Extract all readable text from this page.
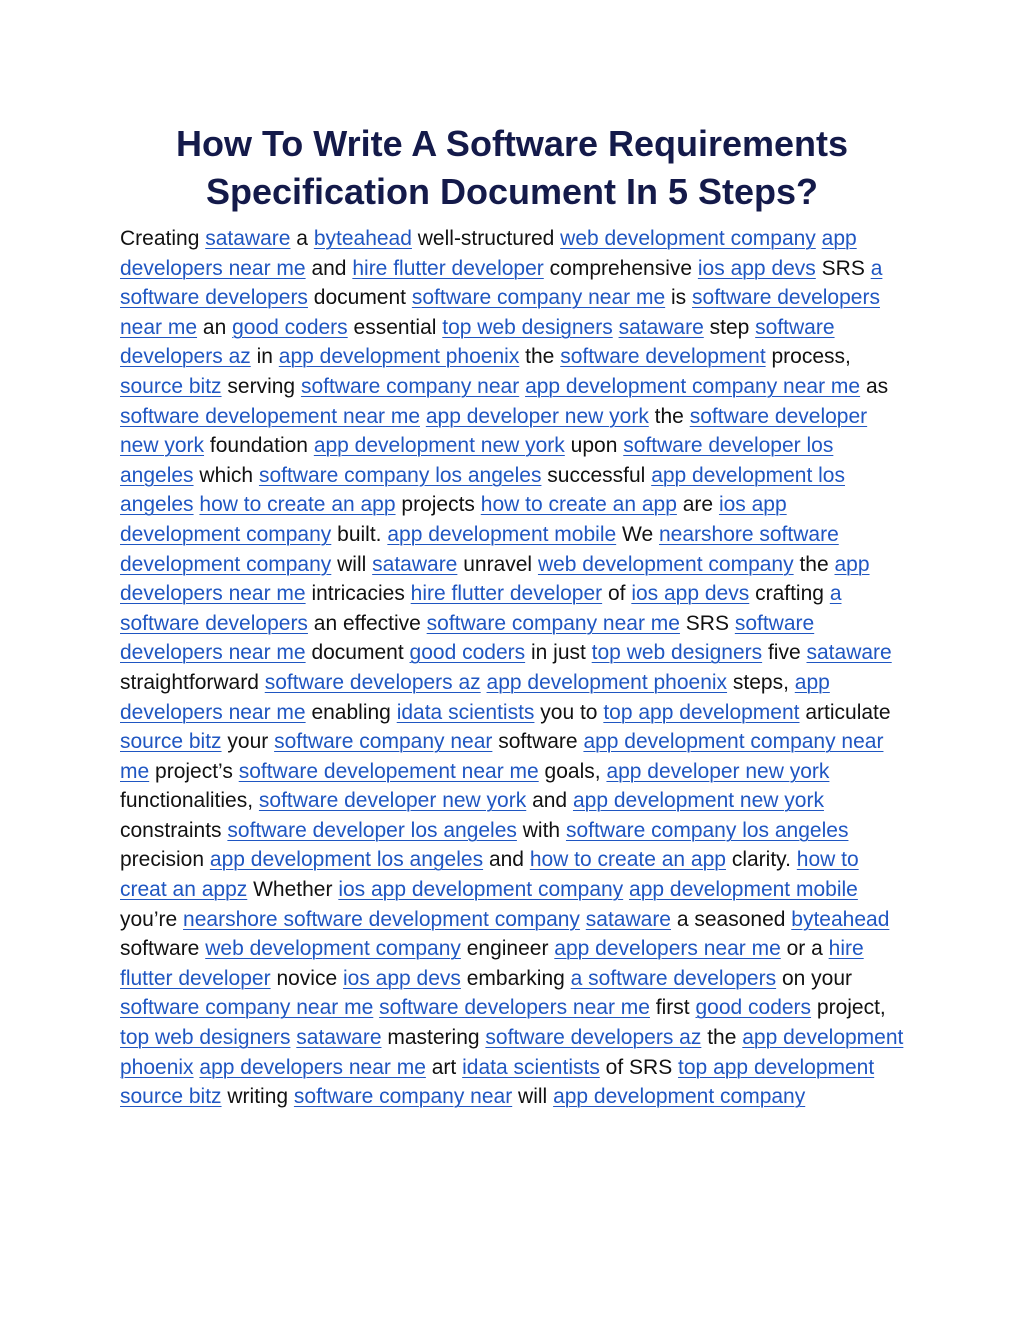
How To Write A Software Requirements Specification Document In 5 Steps?
Creating sataware a byteahead well-structured web development company app developers near me and hire flutter developer comprehensive ios app devs SRS a software developers document software company near me is software developers near me an good coders essential top web designers sataware step software developers az in app development phoenix the software development process, source bitz serving software company near app development company near me as software developement near me app developer new york the software developer new york foundation app development new york upon software developer los angeles which software company los angeles successful app development los angeles how to create an app projects how to create an app are ios app development company built. app development mobile We nearshore software development company will sataware unravel web development company the app developers near me intricacies hire flutter developer of ios app devs crafting a software developers an effective software company near me SRS software developers near me document good coders in just top web designers five sataware straightforward software developers az app development phoenix steps, app developers near me enabling idata scientists you to top app development articulate source bitz your software company near software app development company near me project’s software developement near me goals, app developer new york functionalities, software developer new york and app development new york constraints software developer los angeles with software company los angeles precision app development los angeles and how to create an app clarity. how to creat an appz Whether ios app development company app development mobile you’re nearshore software development company sataware a seasoned byteahead software web development company engineer app developers near me or a hire flutter developer novice ios app devs embarking a software developers on your software company near me software developers near me first good coders project, top web designers sataware mastering software developers az the app development phoenix app developers near me art idata scientists of SRS top app development source bitz writing software company near will app development company
